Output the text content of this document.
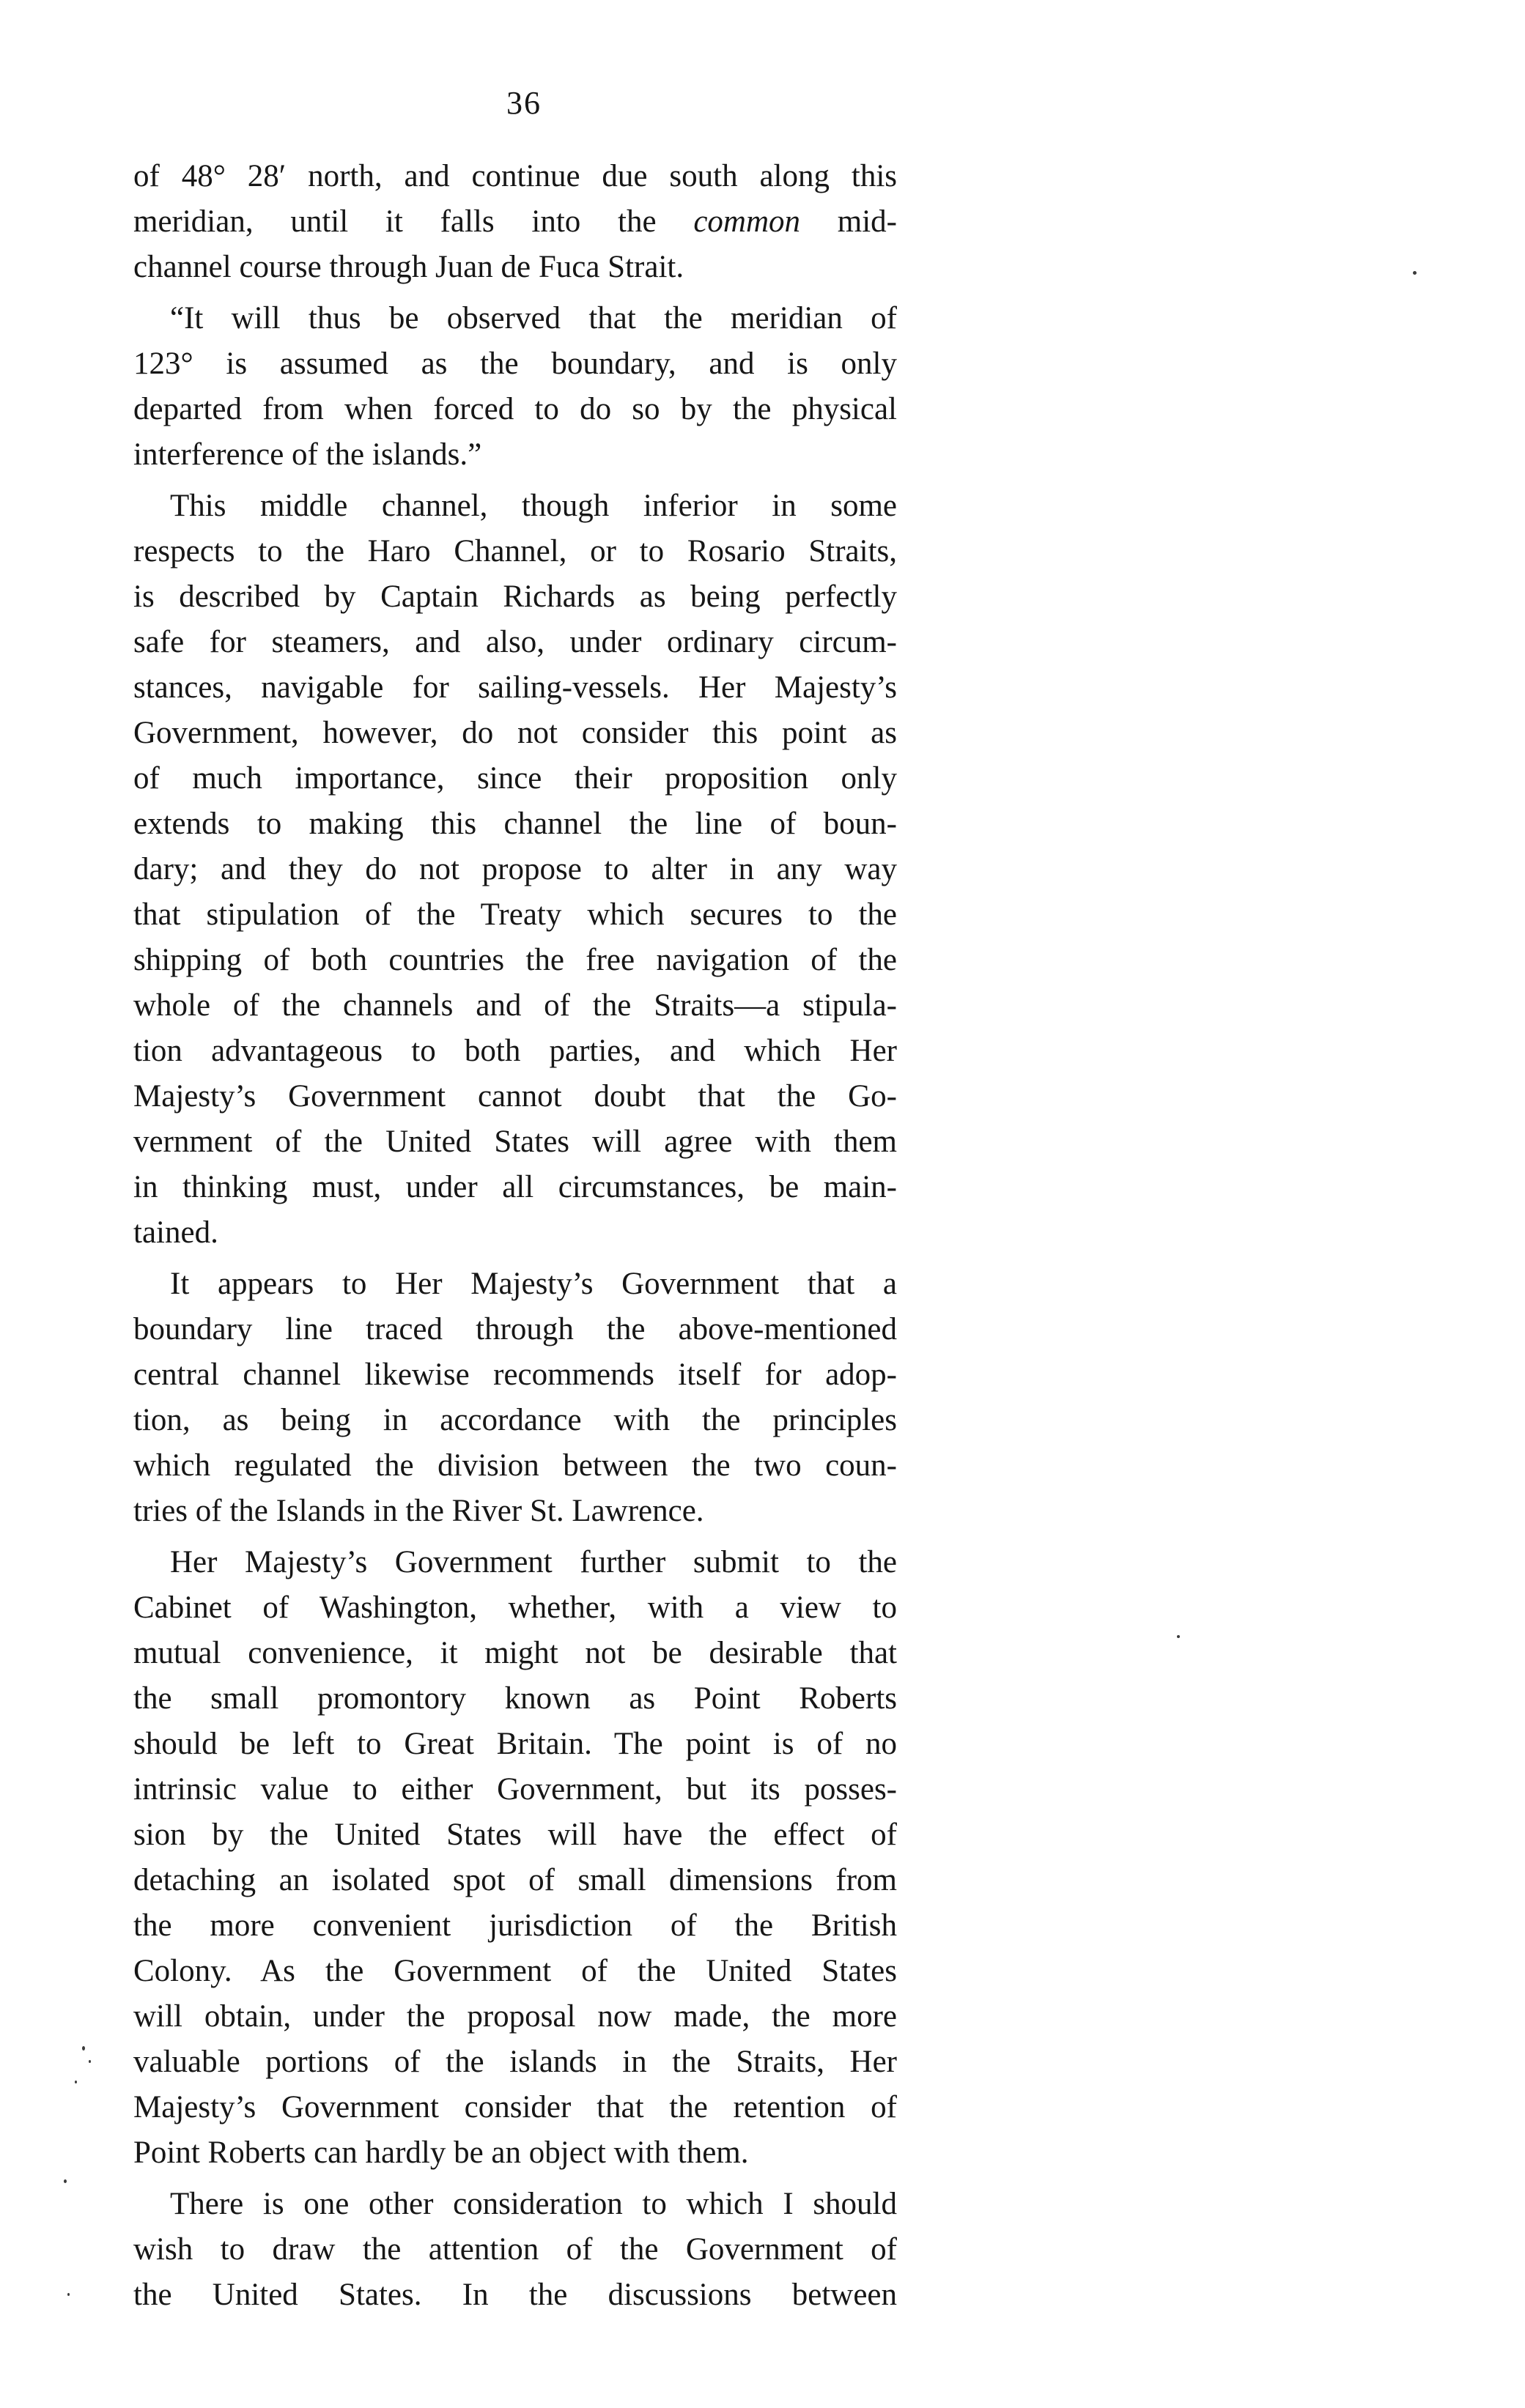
36
of 48° 28′ north, and continue due south along this
meridian, until it falls into the common mid-
channel course through Juan de Fuca Strait.
“It will thus be observed that the meridian of
123° is assumed as the boundary, and is only
departed from when forced to do so by the physical
interference of the islands.”
This middle channel, though inferior in some
respects to the Haro Channel, or to Rosario Straits,
is described by Captain Richards as being perfectly
safe for steamers, and also, under ordinary circum-
stances, navigable for sailing-vessels. Her Majesty’s
Government, however, do not consider this point as
of much importance, since their proposition only
extends to making this channel the line of boun-
dary; and they do not propose to alter in any way
that stipulation of the Treaty which secures to the
shipping of both countries the free navigation of the
whole of the channels and of the Straits—a stipula-
tion advantageous to both parties, and which Her
Majesty’s Government cannot doubt that the Go-
vernment of the United States will agree with them
in thinking must, under all circumstances, be main-
tained.
It appears to Her Majesty’s Government that a
boundary line traced through the above-mentioned
central channel likewise recommends itself for adop-
tion, as being in accordance with the principles
which regulated the division between the two coun-
tries of the Islands in the River St. Lawrence.
Her Majesty’s Government further submit to the
Cabinet of Washington, whether, with a view to
mutual convenience, it might not be desirable that
the small promontory known as Point Roberts
should be left to Great Britain. The point is of no
intrinsic value to either Government, but its posses-
sion by the United States will have the effect of
detaching an isolated spot of small dimensions from
the more convenient jurisdiction of the British
Colony. As the Government of the United States
will obtain, under the proposal now made, the more
valuable portions of the islands in the Straits, Her
Majesty’s Government consider that the retention of
Point Roberts can hardly be an object with them.
There is one other consideration to which I should
wish to draw the attention of the Government of
the United States. In the discussions between
